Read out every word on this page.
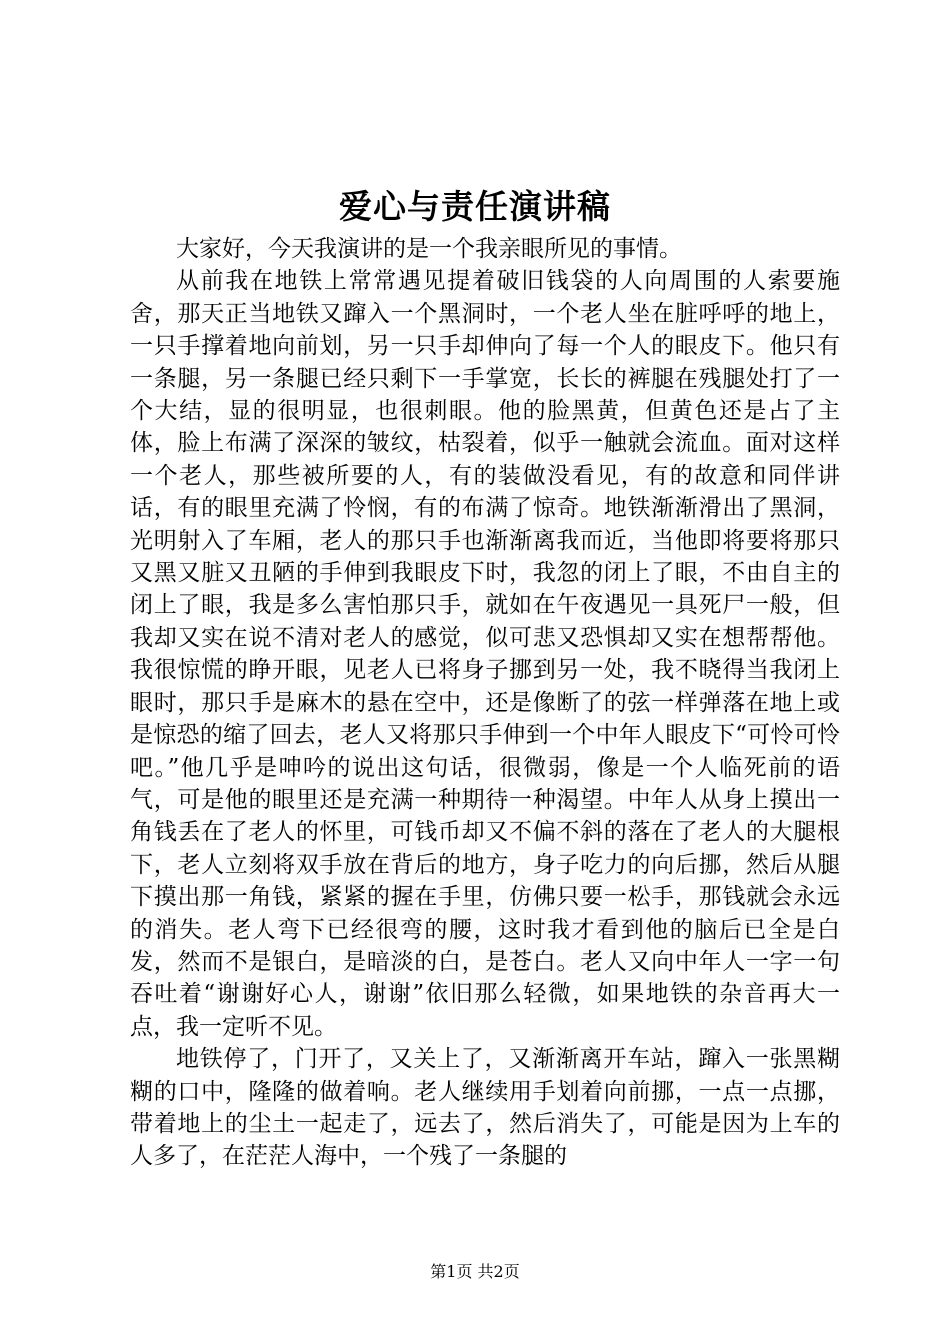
爱心与责任演讲稿

大家好，今天我演讲的是一个我亲眼所见的事情。

从前我在地铁上常常遇见提着破旧钱袋的人向周围的人索要施舍，那天正当地铁又蹿入一个黑洞时，一个老人坐在脏呼呼的地上，一只手撑着地向前划，另一只手却伸向了每一个人的眼皮下。他只有一条腿，另一条腿已经只剩下一手掌宽，长长的裤腿在残腿处打了一个大结，显的很明显，也很刺眼。他的脸黑黄，但黄色还是占了主体，脸上布满了深深的皱纹，枯裂着，似乎一触就会流血。面对这样一个老人，那些被所要的人，有的装做没看见，有的故意和同伴讲话，有的眼里充满了怜悯，有的布满了惊奇。地铁渐渐滑出了黑洞，光明射入了车厢，老人的那只手也渐渐离我而近，当他即将要将那只又黑又脏又丑陋的手伸到我眼皮下时，我忽的闭上了眼，不由自主的闭上了眼，我是多么害怕那只手，就如在午夜遇见一具死尸一般，但我却又实在说不清对老人的感觉，似可悲又恐惧却又实在想帮帮他。我很惊慌的睁开眼，见老人已将身子挪到另一处，我不晓得当我闭上眼时，那只手是麻木的悬在空中，还是像断了的弦一样弹落在地上或是惊恐的缩了回去，老人又将那只手伸到一个中年人眼皮下“可怜可怜吧。”他几乎是呻吟的说出这句话，很微弱，像是一个人临死前的语气，可是他的眼里还是充满一种期待一种渴望。中年人从身上摸出一角钱丢在了老人的怀里，可钱币却又不偏不斜的落在了老人的大腿根下，老人立刻将双手放在背后的地方，身子吃力的向后挪，然后从腿下摸出那一角钱，紧紧的握在手里，仿佛只要一松手，那钱就会永远的消失。老人弯下已经很弯的腰，这时我才看到他的脑后已全是白发，然而不是银白，是暗淡的白，是苍白。老人又向中年人一字一句吞吐着“谢谢好心人，谢谢”依旧那么轻微，如果地铁的杂音再大一点，我一定听不见。

地铁停了，门开了，又关上了，又渐渐离开车站，蹿入一张黑糊糊的口中，隆隆的做着响。老人继续用手划着向前挪，一点一点挪，带着地上的尘土一起走了，远去了，然后消失了，可能是因为上车的人多了，在茫茫人海中，一个残了一条腿的

第1页 共2页
